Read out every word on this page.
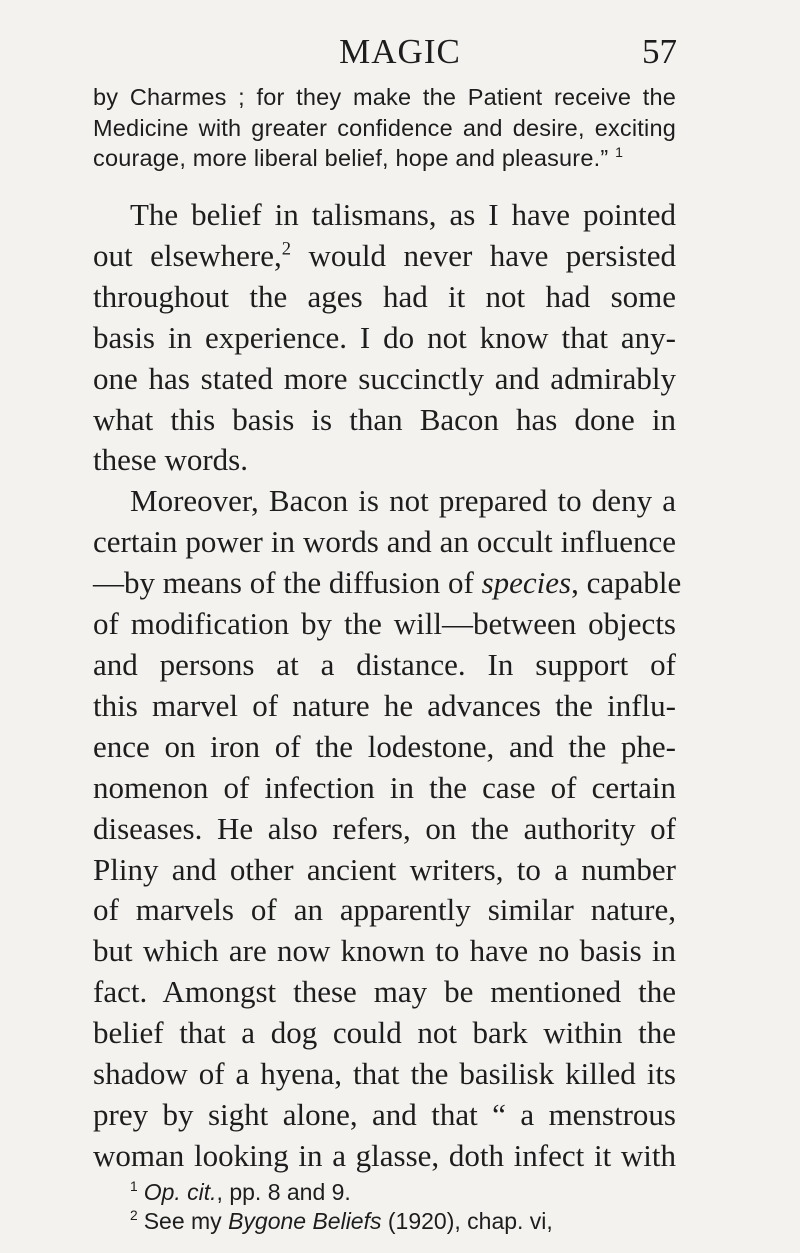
MAGIC	57
by Charmes ; for they make the Patient receive the
Medicine with greater confidence and desire, exciting
courage, more liberal belief, hope and pleasure.” $^1$
The belief in talismans, as I have pointed
out elsewhere,$^2$ would never have persisted
throughout the ages had it not had some
basis in experience. I do not know that any-
one has stated more succinctly and admirably
what this basis is than Bacon has done in
these words.
Moreover, Bacon is not prepared to deny a
certain power in words and an occult influence
—by means of the diffusion of species, capable
of modification by the will—between objects
and persons at a distance. In support of
this marvel of nature he advances the influ-
ence on iron of the lodestone, and the phe-
nomenon of infection in the case of certain
diseases. He also refers, on the authority of
Pliny and other ancient writers, to a number
of marvels of an apparently similar nature,
but which are now known to have no basis in
fact. Amongst these may be mentioned the
belief that a dog could not bark within the
shadow of a hyena, that the basilisk killed its
prey by sight alone, and that “ a menstrous
woman looking in a glasse, doth infect it with
$^1$ Op. cit., pp. 8 and 9.
$^2$ See my Bygone Beliefs (1920), chap. vi,
